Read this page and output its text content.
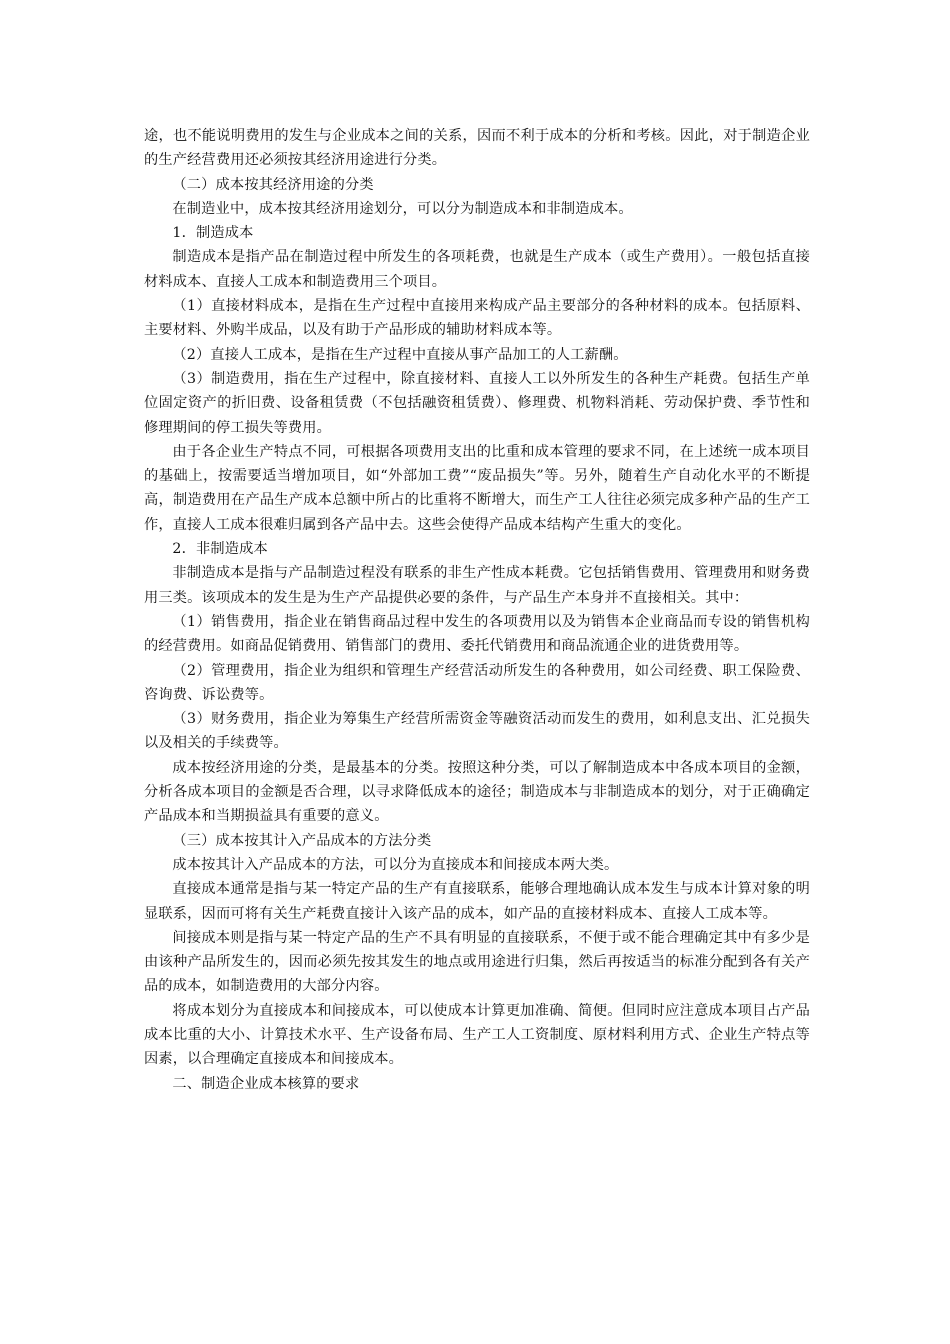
途，也不能说明费用的发生与企业成本之间的关系，因而不利于成本的分析和考核。因此，对于制造企业的生产经营费用还必须按其经济用途进行分类。

（二）成本按其经济用途的分类

在制造业中，成本按其经济用途划分，可以分为制造成本和非制造成本。

1．制造成本

制造成本是指产品在制造过程中所发生的各项耗费，也就是生产成本（或生产费用）。一般包括直接材料成本、直接人工成本和制造费用三个项目。

（1）直接材料成本，是指在生产过程中直接用来构成产品主要部分的各种材料的成本。包括原料、主要材料、外购半成品，以及有助于产品形成的辅助材料成本等。

（2）直接人工成本，是指在生产过程中直接从事产品加工的人工薪酬。

（3）制造费用，指在生产过程中，除直接材料、直接人工以外所发生的各种生产耗费。包括生产单位固定资产的折旧费、设备租赁费（不包括融资租赁费）、修理费、机物料消耗、劳动保护费、季节性和修理期间的停工损失等费用。

由于各企业生产特点不同，可根据各项费用支出的比重和成本管理的要求不同，在上述统一成本项目的基础上，按需要适当增加项目，如“外部加工费”“废品损失”等。另外，随着生产自动化水平的不断提高，制造费用在产品生产成本总额中所占的比重将不断增大，而生产工人往往必须完成多种产品的生产工作，直接人工成本很难归属到各产品中去。这些会使得产品成本结构产生重大的变化。

2．非制造成本

非制造成本是指与产品制造过程没有联系的非生产性成本耗费。它包括销售费用、管理费用和财务费用三类。该项成本的发生是为生产产品提供必要的条件，与产品生产本身并不直接相关。其中：

（1）销售费用，指企业在销售商品过程中发生的各项费用以及为销售本企业商品而专设的销售机构的经营费用。如商品促销费用、销售部门的费用、委托代销费用和商品流通企业的进货费用等。

（2）管理费用，指企业为组织和管理生产经营活动所发生的各种费用，如公司经费、职工保险费、咨询费、诉讼费等。

（3）财务费用，指企业为筹集生产经营所需资金等融资活动而发生的费用，如利息支出、汇兑损失以及相关的手续费等。

成本按经济用途的分类，是最基本的分类。按照这种分类，可以了解制造成本中各成本项目的金额，分析各成本项目的金额是否合理，以寻求降低成本的途径；制造成本与非制造成本的划分，对于正确确定产品成本和当期损益具有重要的意义。

（三）成本按其计入产品成本的方法分类

成本按其计入产品成本的方法，可以分为直接成本和间接成本两大类。

直接成本通常是指与某一特定产品的生产有直接联系，能够合理地确认成本发生与成本计算对象的明显联系，因而可将有关生产耗费直接计入该产品的成本，如产品的直接材料成本、直接人工成本等。

间接成本则是指与某一特定产品的生产不具有明显的直接联系，不便于或不能合理确定其中有多少是由该种产品所发生的，因而必须先按其发生的地点或用途进行归集，然后再按适当的标准分配到各有关产品的成本，如制造费用的大部分内容。

将成本划分为直接成本和间接成本，可以使成本计算更加准确、简便。但同时应注意成本项目占产品成本比重的大小、计算技术水平、生产设备布局、生产工人工资制度、原材料利用方式、企业生产特点等因素，以合理确定直接成本和间接成本。

二、制造企业成本核算的要求
